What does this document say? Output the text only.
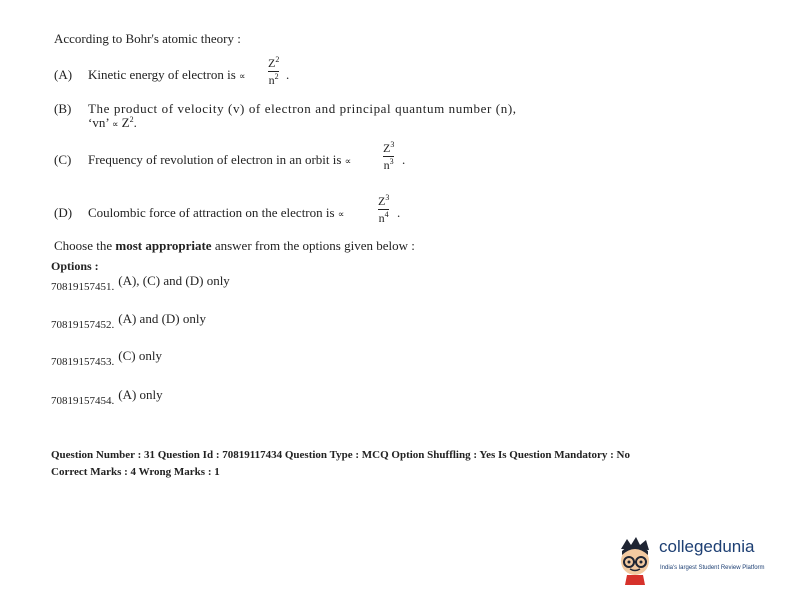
According to Bohr's atomic theory :
(A) Kinetic energy of electron is ∝
$Z^2$
$n^2$ .
(B) The product of velocity (v) of electron and principal quantum number (n),
‘vn’ ∝ $Z^2$.
(C) Frequency of revolution of electron in an orbit is ∝
$Z^3$
$n^3$ .
(D) Coulombic force of attraction on the electron is ∝
$Z^3$
$n^4$ .
Choose the most appropriate answer from the options given below :
Options :
70819157451. $^{(A), (C) and (D) only}$
70819157452. $^{(A) and (D) only}$
70819157453. $^{(C) only}$
70819157454. $^{(A) only}$
Question Number : 31 Question Id : 70819117434 Question Type : MCQ Option Shuffling : Yes Is Question Mandatory : No
Correct Marks : 4 Wrong Marks : 1
collegedunia
India's largest Student Review Platform
